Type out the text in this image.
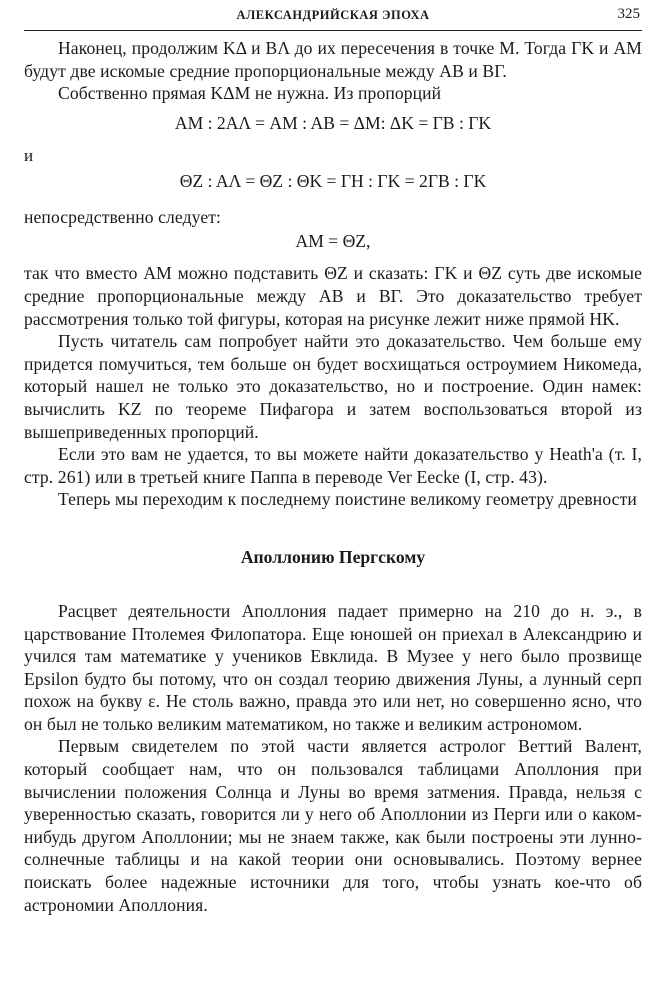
АЛЕКСАНДРИЙСКАЯ ЭПОХА	325

Наконец, продолжим KΔ и BΛ до их пересечения в точке M. Тогда ΓK и AM будут две искомые средние пропорциональные между AB и BΓ.

Собственно прямая KΔM не нужна. Из пропорций

AM : 2AΛ = AM : AB = ΔM: ΔK = ΓB : ΓK
и
ΘZ : AΛ = ΘZ : ΘK = ΓH : ΓK = 2ΓB : ΓK

непосредственно следует:

AM = ΘZ,

так что вместо AM можно подставить ΘZ и сказать: ΓK и ΘZ суть две искомые средние пропорциональные между AB и BΓ. Это доказательство требует рассмотрения только той фигуры, которая на рисунке лежит ниже прямой HK.

Пусть читатель сам попробует найти это доказательство. Чем больше ему придется помучиться, тем больше он будет восхищаться остроумием Никомеда, который нашел не только это доказательство, но и построение. Один намек: вычислить KZ по теореме Пифагора и затем воспользоваться второй из вышеприведенных пропорций.

Если это вам не удается, то вы можете найти доказательство у Heath'a (т. I, стр. 261) или в третьей книге Паппа в переводе Ver Eecke (I, стр. 43).

Теперь мы переходим к последнему поистине великому геометру древности

Аполлонию Пергскому

Расцвет деятельности Аполлония падает примерно на 210 до н. э., в царствование Птолемея Филопатора. Еще юношей он приехал в Александрию и учился там математике у учеников Евклида. В Музее у него было прозвище Epsilon будто бы потому, что он создал теорию движения Луны, а лунный серп похож на букву ε. Не столь важно, правда это или нет, но совершенно ясно, что он был не только великим математиком, но также и великим астрономом.

Первым свидетелем по этой части является астролог Веттий Валент, который сообщает нам, что он пользовался таблицами Аполлония при вычислении положения Солнца и Луны во время затмения. Правда, нельзя с уверенностью сказать, говорится ли у него об Аполлонии из Перги или о каком-нибудь другом Аполлонии; мы не знаем также, как были построены эти лунно-солнечные таблицы и на какой теории они основывались. Поэтому вернее поискать более надежные источники для того, чтобы узнать кое-что об астрономии Аполлония.
